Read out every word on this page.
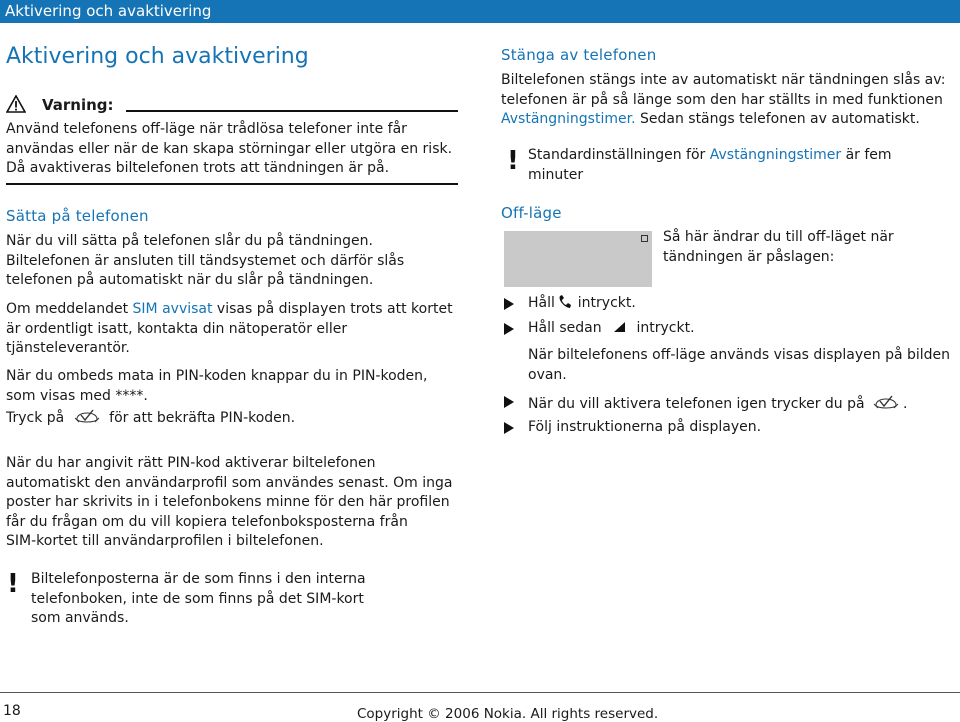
Aktivering och avaktivering
Aktivering och avaktivering
Varning:
Använd telefonens off-läge när trådlösa telefoner inte får
användas eller när de kan skapa störningar eller utgöra en risk.
Då avaktiveras biltelefonen trots att tändningen är på.
Sätta på telefonen
När du vill sätta på telefonen slår du på tändningen.
Biltelefonen är ansluten till tändsystemet och därför slås
telefonen på automatiskt när du slår på tändningen.
Om meddelandet SIM avvisat visas på displayen trots att kortet
är ordentligt isatt, kontakta din nätoperatör eller
tjänsteleverantör.
När du ombeds mata in PIN-koden knappar du in PIN-koden,
som visas med ****.
Tryck på	för att bekräfta PIN-koden.
När du har angivit rätt PIN-kod aktiverar biltelefonen
automatiskt den användarprofil som användes senast. Om inga
poster har skrivits in i telefonbokens minne för den här profilen
får du frågan om du vill kopiera telefonboksposterna från
SIM-kortet till användarprofilen i biltelefonen.
! Biltelefonposterna är de som finns i den interna
telefonboken, inte de som finns på det SIM-kort
som används.
Stänga av telefonen
Biltelefonen stängs inte av automatiskt när tändningen slås av:
telefonen är på så länge som den har ställts in med funktionen
Avstängningstimer. Sedan stängs telefonen av automatiskt.
! Standardinställningen för Avstängningstimer är fem
minuter
Off-läge
Så här ändrar du till off-läget när
tändningen är påslagen:
Håll intryckt.
Håll sedan intryckt.
När biltelefonens off-läge används visas displayen på bilden
ovan.
När du vill aktivera telefonen igen trycker du på	.
Följ instruktionerna på displayen.
18	Copyright © 2006 Nokia. All rights reserved.
